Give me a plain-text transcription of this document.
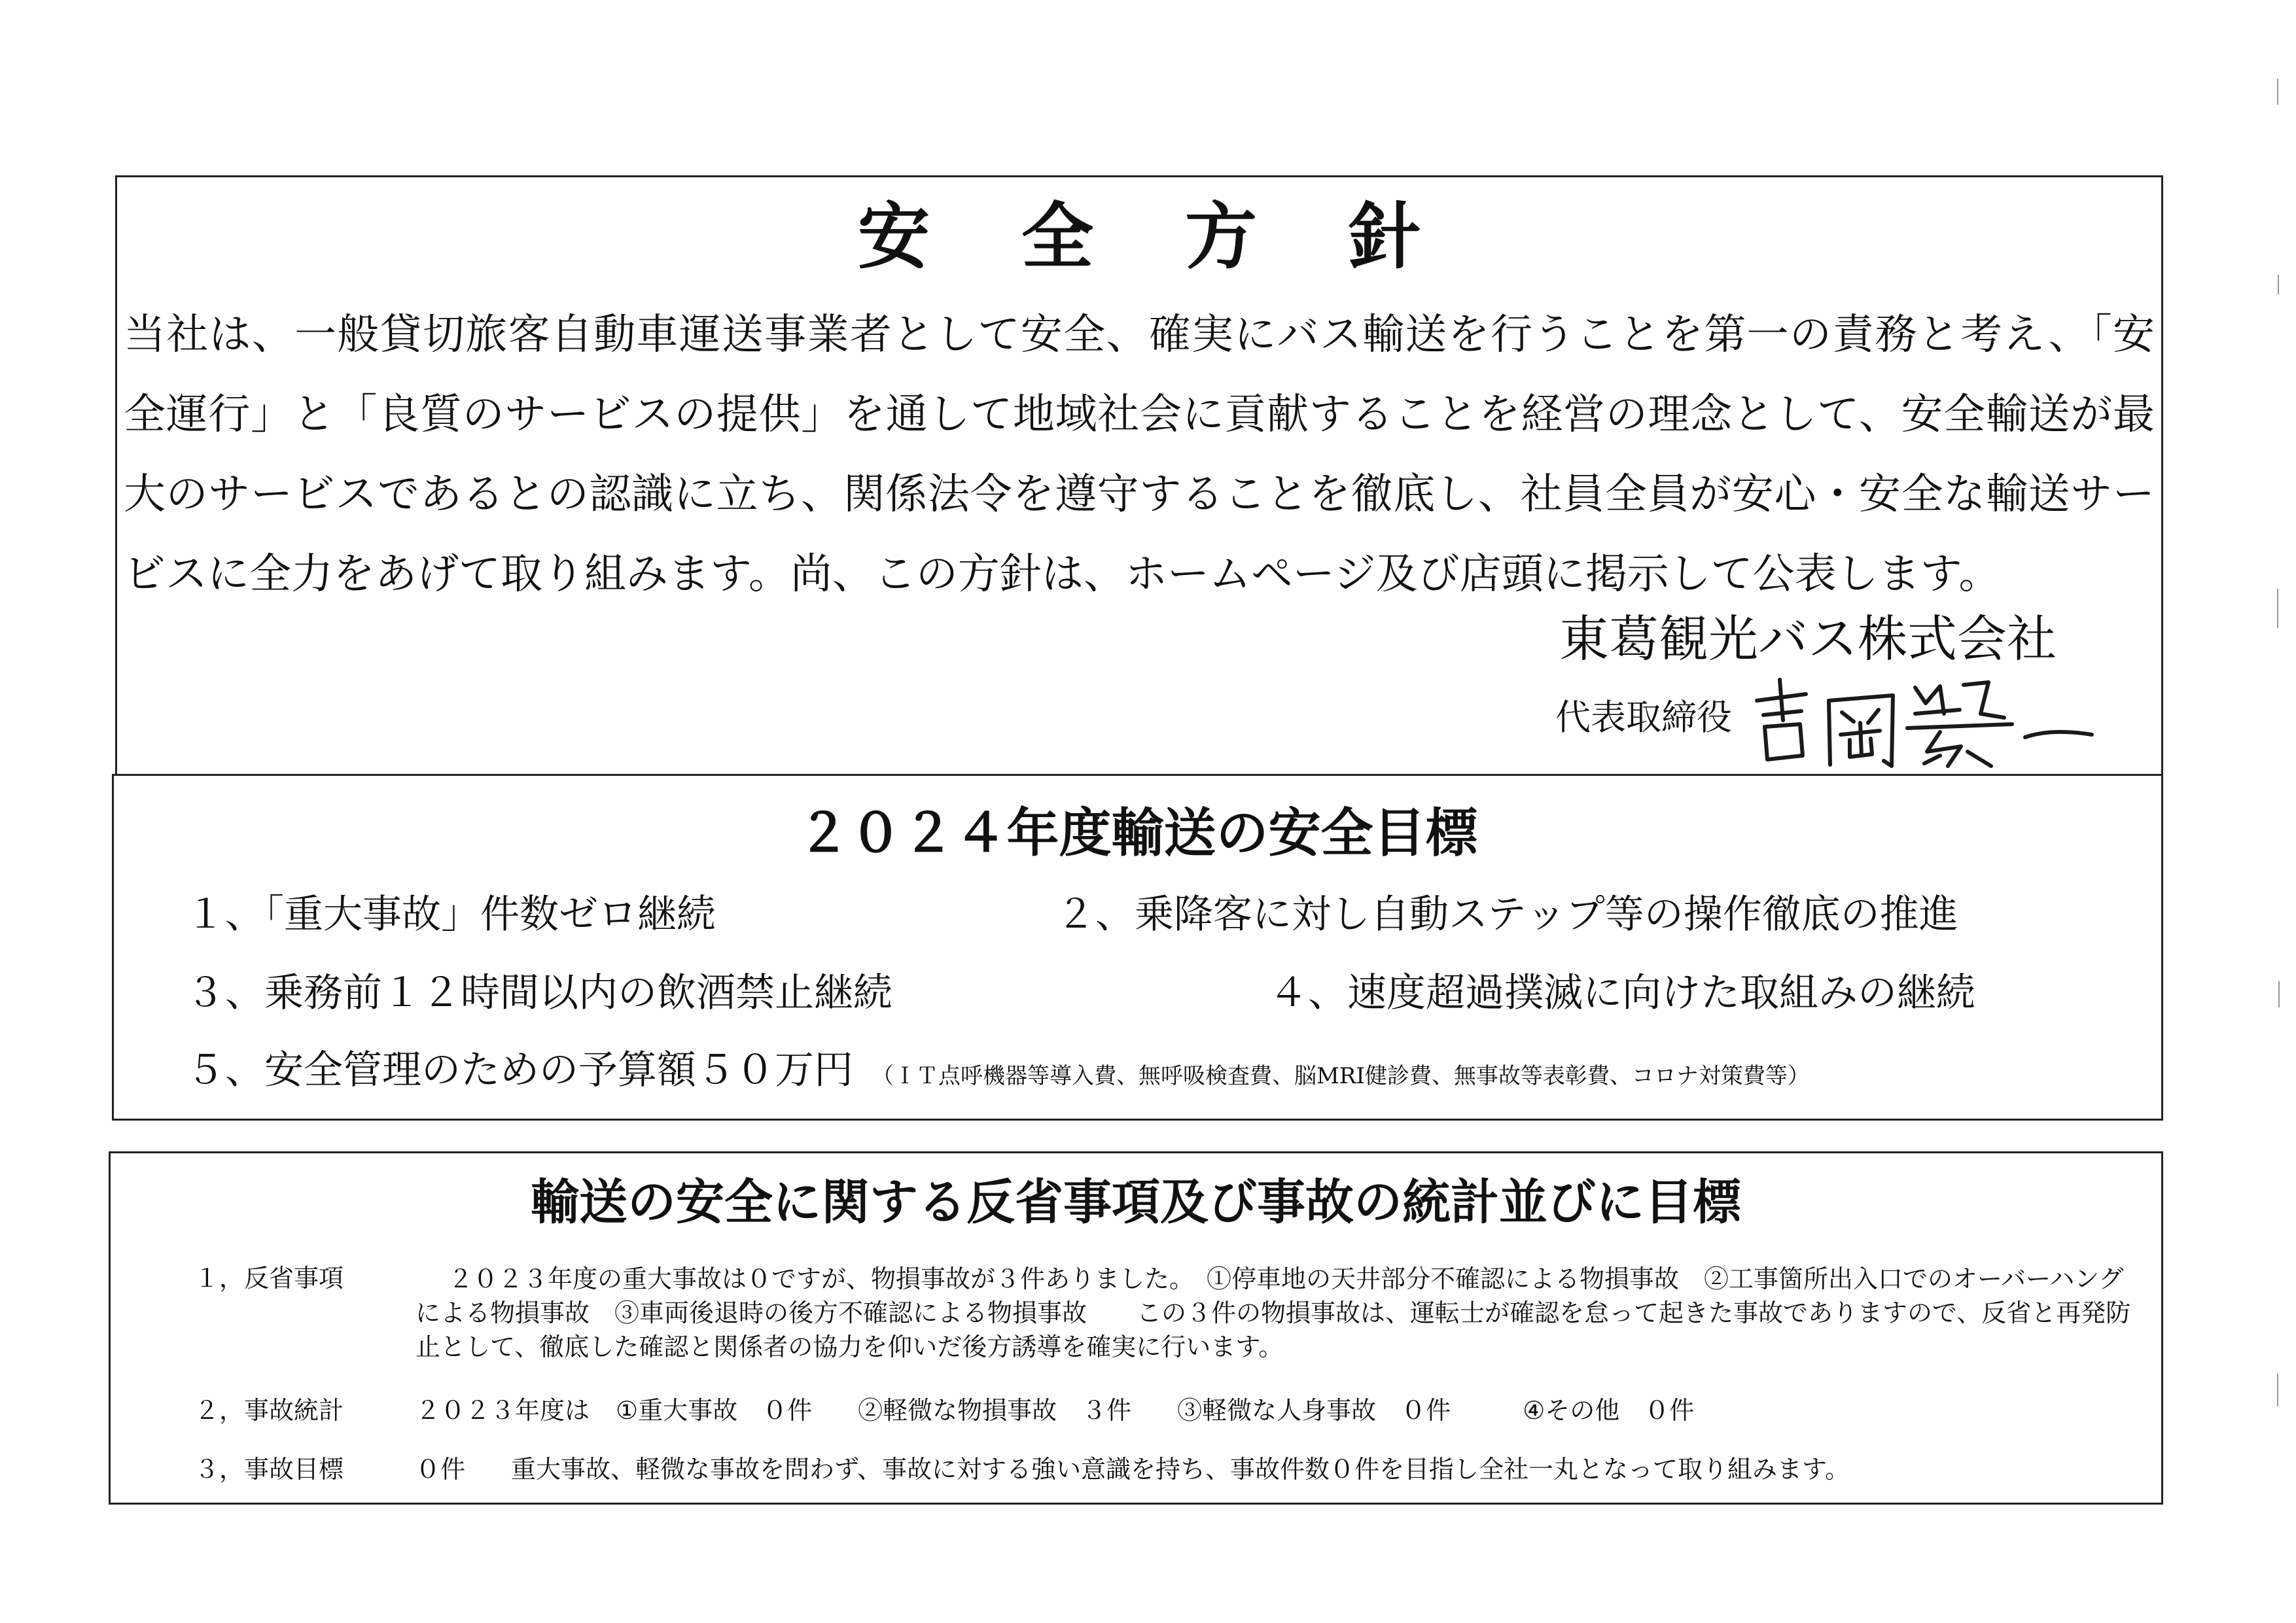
安全方針
当社は、一般貸切旅客自動車運送事業者として安全、確実にバス輸送を行うことを第一の責務と考え、「安全運行」と「良質のサービスの提供」を通して地域社会に貢献することを経営の理念として、安全輸送が最大のサービスであるとの認識に立ち、関係法令を遵守することを徹底し、社員全員が安心・安全な輸送サービスに全力をあげて取り組みます。尚、この方針は、ホームページ及び店頭に掲示して公表します。
東葛観光バス株式会社
代表取締役
２０２４年度輸送の安全目標
１、「重大事故」件数ゼロ継続	２、乗降客に対し自動ステップ等の操作徹底の推進
３、乗務前１２時間以内の飲酒禁止継続	４、速度超過撲滅に向けた取組みの継続
５、安全管理のための予算額５０万円 （ＩＴ点呼機器等導入費、無呼吸検査費、脳MRI健診費、無事故等表彰費、コロナ対策費等）
輸送の安全に関する反省事項及び事故の統計並びに目標
１，反省事項	２０２３年度の重大事故は０ですが、物損事故が３件ありました。　①停車地の天井部分不確認による物損事故　②工事箇所出入口でのオーバーハングによる物損事故　③車両後退時の後方不確認による物損事故　　この３件の物損事故は、運転士が確認を怠って起きた事故でありますので、反省と再発防止として、徹底した確認と関係者の協力を仰いだ後方誘導を確実に行います。
２，事故統計	２０２３年度は ①重大事故　０件 ②軽微な物損事故　３件 ③軽微な人身事故　０件	④その他　０件
３，事故目標	０件 重大事故、軽微な事故を問わず、事故に対する強い意識を持ち、事故件数０件を目指し全社一丸となって取り組みます。
